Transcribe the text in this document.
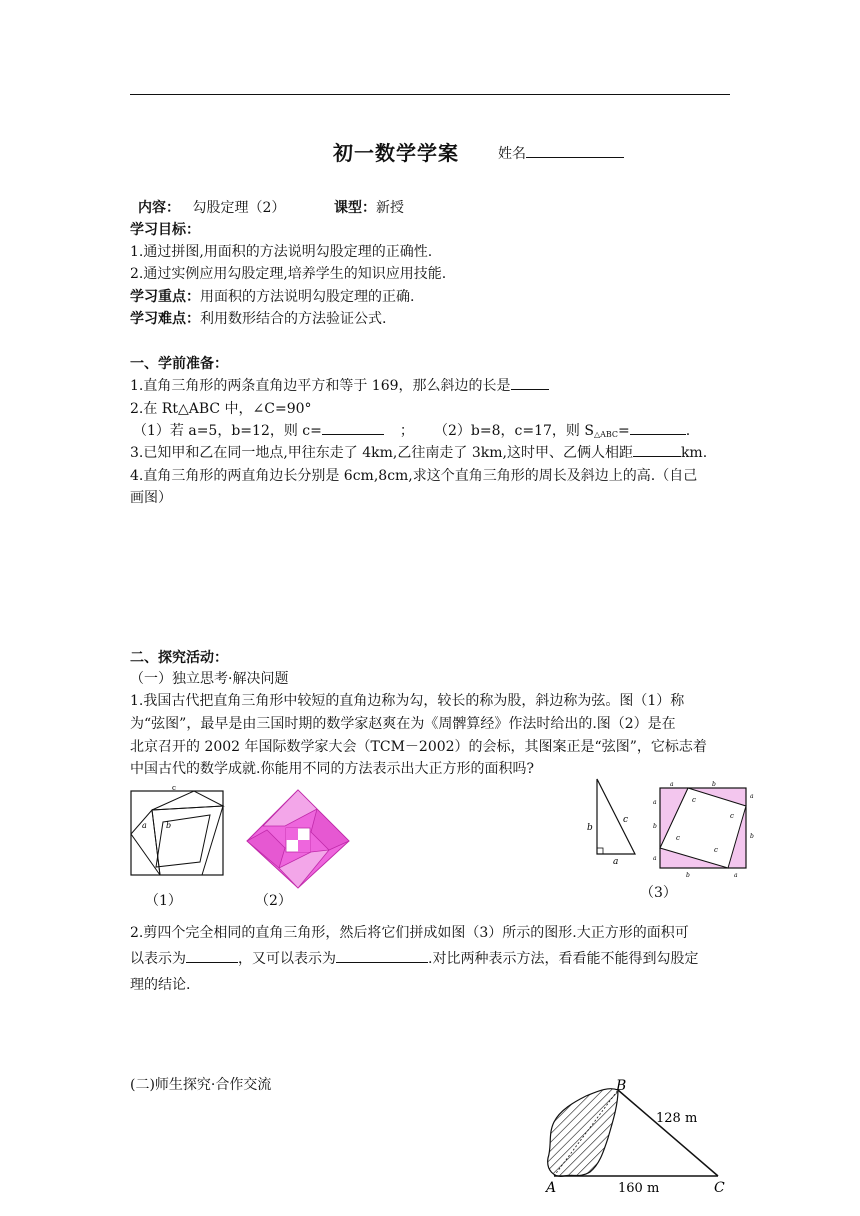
初一数学学案	姓名
内容： 勾股定理（2）	课型：新授
学习目标：
1.通过拼图,用面积的方法说明勾股定理的正确性.
2.通过实例应用勾股定理,培养学生的知识应用技能.
学习重点：用面积的方法说明勾股定理的正确.
学习难点：利用数形结合的方法验证公式.
一、学前准备：
1.直角三角形的两条直角边平方和等于 169，那么斜边的长是
2.在 Rt△ABC 中，∠C=90°
（1）若 a=5，b=12，则 c=	； （2）b=8，c=17，则 S△ABC=	.
3.已知甲和乙在同一地点,甲往东走了 4km,乙往南走了 3km,这时甲、乙俩人相距	km.
4.直角三角形的两直角边长分别是 6cm,8cm,求这个直角三角形的周长及斜边上的高.（自己
画图）
二、探究活动：
（一）独立思考·解决问题
1.我国古代把直角三角形中较短的直角边称为勾，较长的称为股，斜边称为弦。图（1）称
为“弦图”，最早是由三国时期的数学家赵爽在为《周髀算经》作法时给出的.图（2）是在
北京召开的 2002 年国际数学家大会（TCM－2002）的会标，其图案正是“弦图”，它标志着
中国古代的数学成就.你能用不同的方法表示出大正方形的面积吗?
c
a b
（1）	（2）
b
c
a
a	b
a
b
a
b
a
b	a
c
c
c
c
（3）
2.剪四个完全相同的直角三角形，然后将它们拼成如图（3）所示的图形.大正方形的面积可
以表示为	，又可以表示为	.对比两种表示方法，看看能不能得到勾股定
理的结论.
(二)师生探究·合作交流	B
A	C
128 m
160 m
